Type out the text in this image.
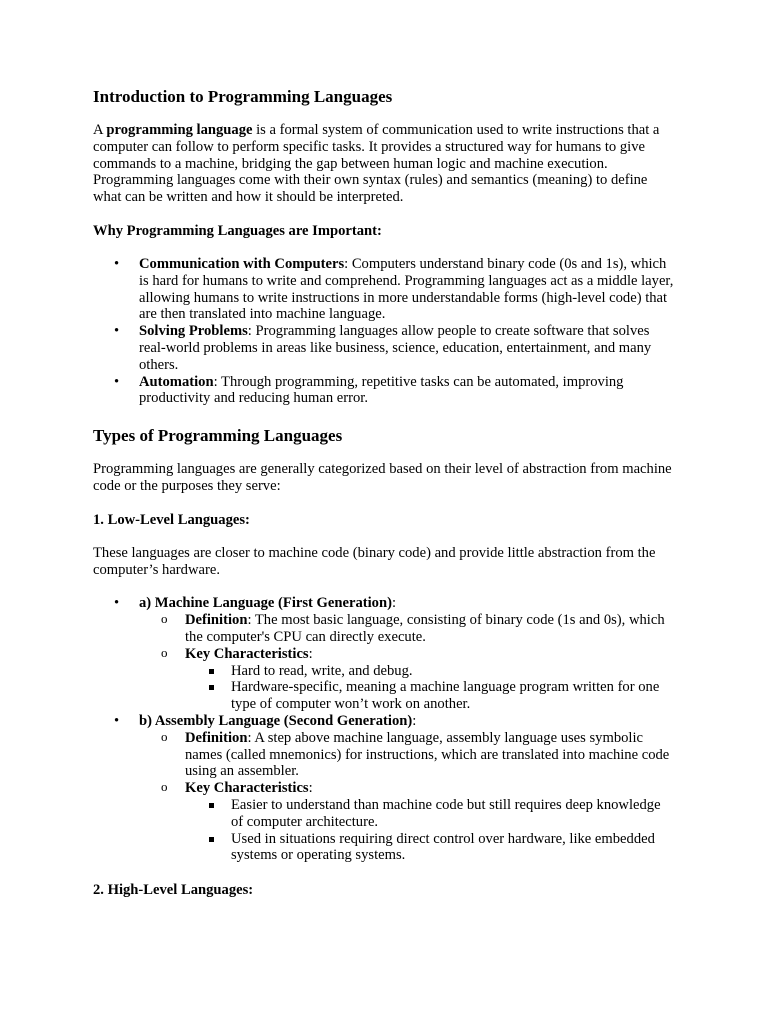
Introduction to Programming Languages

A programming language is a formal system of communication used to write instructions that a computer can follow to perform specific tasks. It provides a structured way for humans to give commands to a machine, bridging the gap between human logic and machine execution. Programming languages come with their own syntax (rules) and semantics (meaning) to define what can be written and how it should be interpreted.

Why Programming Languages are Important:
• Communication with Computers: Computers understand binary code (0s and 1s), which is hard for humans to write and comprehend. Programming languages act as a middle layer, allowing humans to write instructions in more understandable forms (high-level code) that are then translated into machine language.
• Solving Problems: Programming languages allow people to create software that solves real-world problems in areas like business, science, education, entertainment, and many others.
• Automation: Through programming, repetitive tasks can be automated, improving productivity and reducing human error.
Types of Programming Languages

Programming languages are generally categorized based on their level of abstraction from machine code or the purposes they serve:

1. Low-Level Languages:

These languages are closer to machine code (binary code) and provide little abstraction from the computer’s hardware.

• a) Machine Language (First Generation):
o Definition: The most basic language, consisting of binary code (1s and 0s), which the computer's CPU can directly execute.
o Key Characteristics:
Hard to read, write, and debug.
Hardware-specific, meaning a machine language program written for one type of computer won’t work on another.
• b) Assembly Language (Second Generation):
o Definition: A step above machine language, assembly language uses symbolic names (called mnemonics) for instructions, which are translated into machine code using an assembler.
o Key Characteristics:
Easier to understand than machine code but still requires deep knowledge of computer architecture.
Used in situations requiring direct control over hardware, like embedded systems or operating systems.
2. High-Level Languages:
